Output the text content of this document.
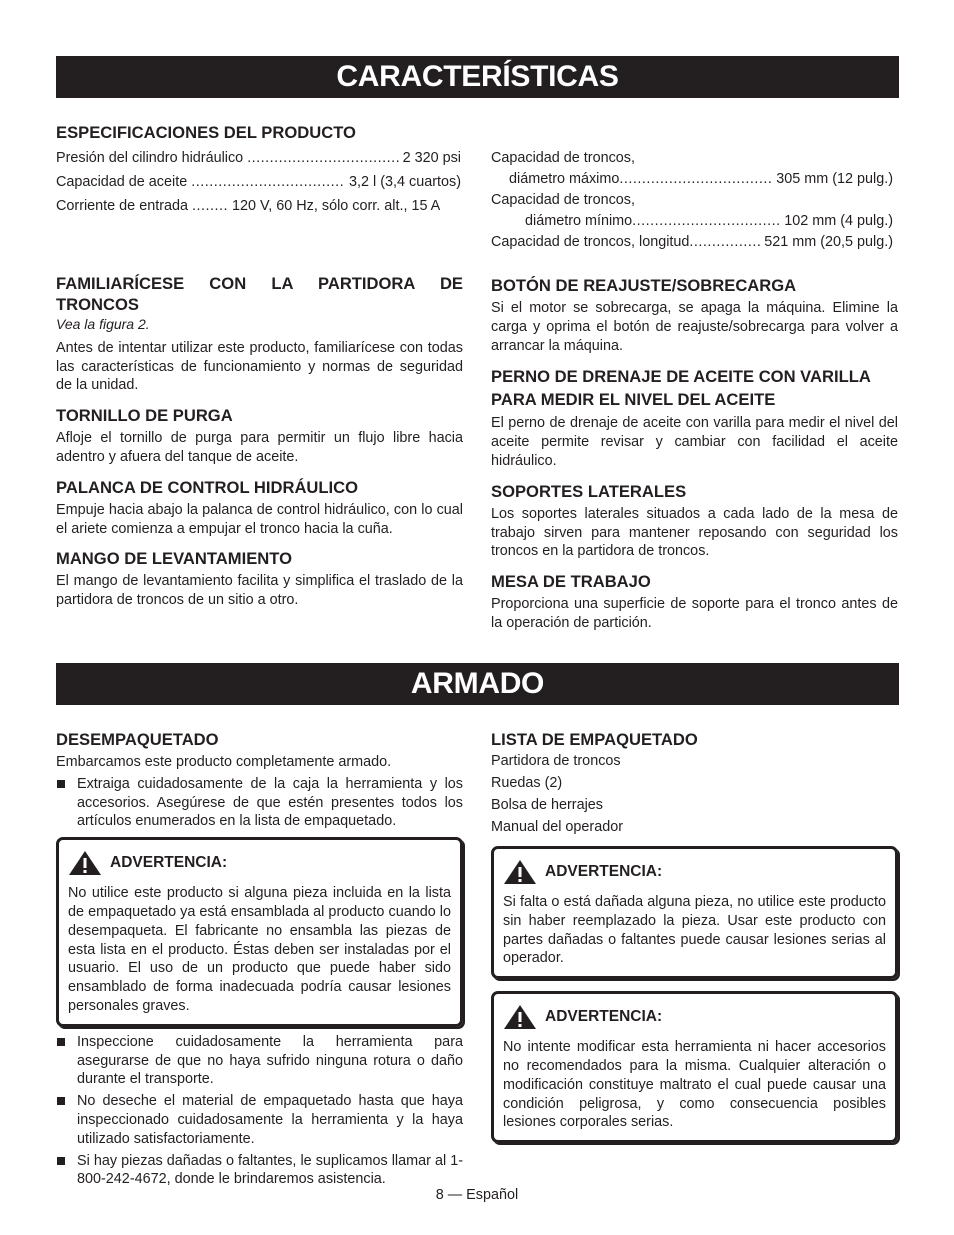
CARACTERÍSTICAS
ESPECIFICACIONES DEL PRODUCTO
Presión del cilindro hidráulico
.....
	2 320 psi
Capacidad de aceite
.....
	3,2 l (3,4 cuartos)
Corriente de entrada
.....
	120 V, 60 Hz, sólo corr. alt., 15 A
Capacidad de troncos,
diámetro máximo .....
	305 mm (12 pulg.)
Capacidad de troncos,
diámetro mínimo .....
	102 mm (4 pulg.)
Capacidad de troncos, longitud .....
	521 mm (20,5 pulg.)
FAMILIARÍCESE CON LA PARTIDORA DE TRONCOS
Vea la figura 2.
Antes de intentar utilizar este producto, familiarícese con todas las características de funcionamiento y normas de seguridad de la unidad.
TORNILLO DE PURGA
Afloje el tornillo de purga para permitir un flujo libre hacia adentro y afuera del tanque de aceite.
PALANCA DE CONTROL HIDRÁULICO
Empuje hacia abajo la palanca de control hidráulico, con lo cual el ariete comienza a empujar el tronco hacia la cuña.
MANGO DE LEVANTAMIENTO
El mango de levantamiento facilita y simplifica el traslado de la partidora de troncos de un sitio a otro.
BOTÓN DE REAJUSTE/SOBRECARGA
Si el motor se sobrecarga, se apaga la máquina. Elimine la carga y oprima el botón de reajuste/sobrecarga para volver a arrancar la máquina.
PERNO DE DRENAJE DE ACEITE CON VARILLA PARA MEDIR EL NIVEL DEL ACEITE
El perno de drenaje de aceite con varilla para medir el nivel del aceite permite revisar y cambiar con facilidad el aceite hidráulico.
SOPORTES LATERALES
Los soportes laterales situados a cada lado de la mesa de trabajo sirven para mantener reposando con seguridad los troncos en la partidora de troncos.
MESA DE TRABAJO
Proporciona una superficie de soporte para el tronco antes de la operación de partición.
ARMADO
DESEMPAQUETADO
Embarcamos este producto completamente armado.
Extraiga cuidadosamente de la caja la herramienta y los accesorios. Asegúrese de que estén presentes todos los artículos enumerados en la lista de empaquetado.
ADVERTENCIA:
No utilice este producto si alguna pieza incluida en la lista de empaquetado ya está ensamblada al producto cuando lo desempaqueta. El fabricante no ensambla las piezas de esta lista en el producto. Éstas deben ser instaladas por el usuario. El uso de un producto que puede haber sido ensamblado de forma inadecuada podría causar lesiones personales graves.
Inspeccione cuidadosamente la herramienta para asegurarse de que no haya sufrido ninguna rotura o daño durante el transporte.
No deseche el material de empaquetado hasta que haya inspeccionado cuidadosamente la herramienta y la haya utilizado satisfactoriamente.
Si hay piezas dañadas o faltantes, le suplicamos llamar al 1-800-242-4672, donde le brindaremos asistencia.
LISTA DE EMPAQUETADO
Partidora de troncos
Ruedas (2)
Bolsa de herrajes
Manual del operador
ADVERTENCIA:
Si falta o está dañada alguna pieza, no utilice este producto sin haber reemplazado la pieza. Usar este producto con partes dañadas o faltantes puede causar lesiones serias al operador.
ADVERTENCIA:
No intente modificar esta herramienta ni hacer accesorios no recomendados para la misma. Cualquier alteración o modificación constituye maltrato el cual puede causar una condición peligrosa, y como consecuencia posibles lesiones corporales serias.
8 — Español
